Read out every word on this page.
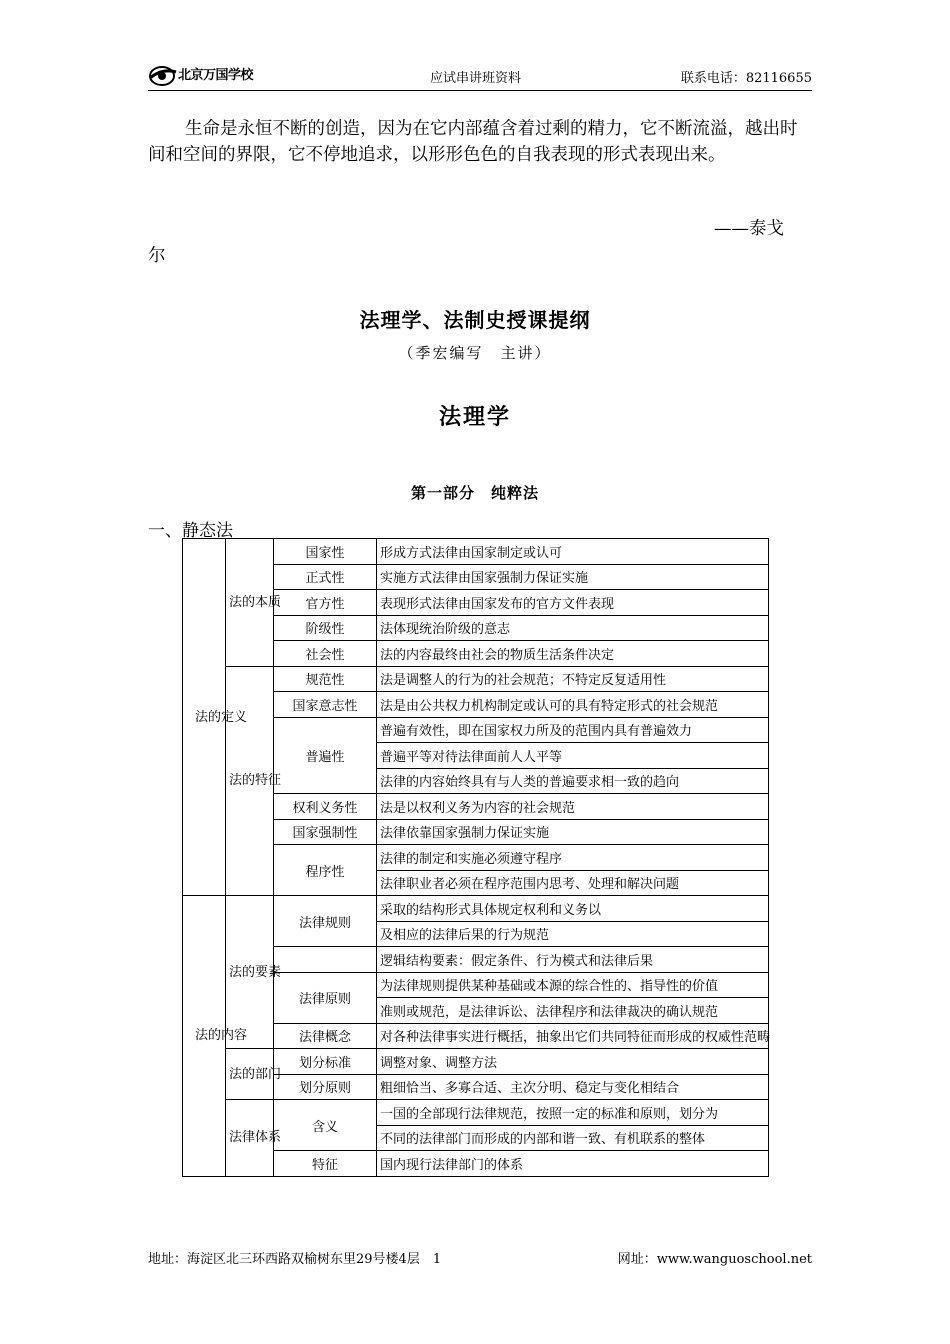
北京万国学校	应试串讲班资料	联系电话：82116655
生命是永恒不断的创造，因为在它内部蕴含着过剩的精力，它不断流溢，越出时间和空间的界限，它不停地追求，以形形色色的自我表现的形式表现出来。
——泰戈
尔
法理学、法制史授课提纲
（季宏编写　主讲）
法理学
第一部分　纯粹法
一、静态法
法的定义	法的本质	国家性	形成方式法律由国家制定或认可
		正式性	实施方式法律由国家强制力保证实施
		官方性	表现形式法律由国家发布的官方文件表现
		阶级性	法体现统治阶级的意志
		社会性	法的内容最终由社会的物质生活条件决定
	法的特征	规范性	法是调整人的行为的社会规范；不特定反复适用性
		国家意志性	法是由公共权力机构制定或认可的具有特定形式的社会规范
		普遍性	普遍有效性，即在国家权力所及的范围内具有普遍效力
			普遍平等对待法律面前人人平等
			法律的内容始终具有与人类的普遍要求相一致的趋向
		权利义务性	法是以权利义务为内容的社会规范
		国家强制性	法律依靠国家强制力保证实施
		程序性	法律的制定和实施必须遵守程序
			法律职业者必须在程序范围内思考、处理和解决问题
法的内容	法的要素	法律规则	采取的结构形式具体规定权利和义务以
			及相应的法律后果的行为规范
			逻辑结构要素：假定条件、行为模式和法律后果
		法律原则	为法律规则提供某种基础或本源的综合性的、指导性的价值
			准则或规范，是法律诉讼、法律程序和法律裁决的确认规范
		法律概念	对各种法律事实进行概括，抽象出它们共同特征而形成的权威性范畴
	法的部门	划分标准	调整对象、调整方法
		划分原则	粗细恰当、多寡合适、主次分明、稳定与变化相结合
	法律体系	含义	一国的全部现行法律规范，按照一定的标准和原则，划分为
			不同的法律部门而形成的内部和谐一致、有机联系的整体
		特征	国内现行法律部门的体系
地址：海淀区北三环西路双榆树东里29号楼4层　1	网址：www.wanguoschool.net
